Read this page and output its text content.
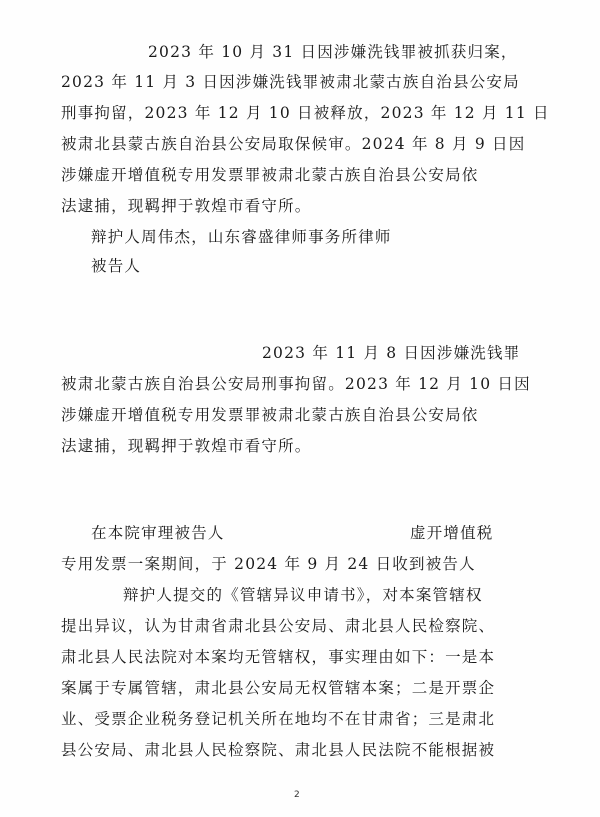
2023 年 10 月 31 日因涉嫌洗钱罪被抓获归案，
2023 年 11 月 3 日因涉嫌洗钱罪被肃北蒙古族自治县公安局
刑事拘留，2023 年 12 月 10 日被释放，2023 年 12 月 11 日
被肃北县蒙古族自治县公安局取保候审。2024 年 8 月 9 日因
涉嫌虚开增值税专用发票罪被肃北蒙古族自治县公安局依
法逮捕，现羁押于敦煌市看守所。
辩护人周伟杰，山东睿盛律师事务所律师
被告人
2023 年 11 月 8 日因涉嫌洗钱罪
被肃北蒙古族自治县公安局刑事拘留。2023 年 12 月 10 日因
涉嫌虚开增值税专用发票罪被肃北蒙古族自治县公安局依
法逮捕，现羁押于敦煌市看守所。
在本院审理被告人	虚开增值税
专用发票一案期间，于 2024 年 9 月 24 日收到被告人
辩护人提交的《管辖异议申请书》，对本案管辖权
提出异议，认为甘肃省肃北县公安局、肃北县人民检察院、
肃北县人民法院对本案均无管辖权，事实理由如下：一是本
案属于专属管辖，肃北县公安局无权管辖本案；二是开票企
业、受票企业税务登记机关所在地均不在甘肃省；三是肃北
县公安局、肃北县人民检察院、肃北县人民法院不能根据被
2
